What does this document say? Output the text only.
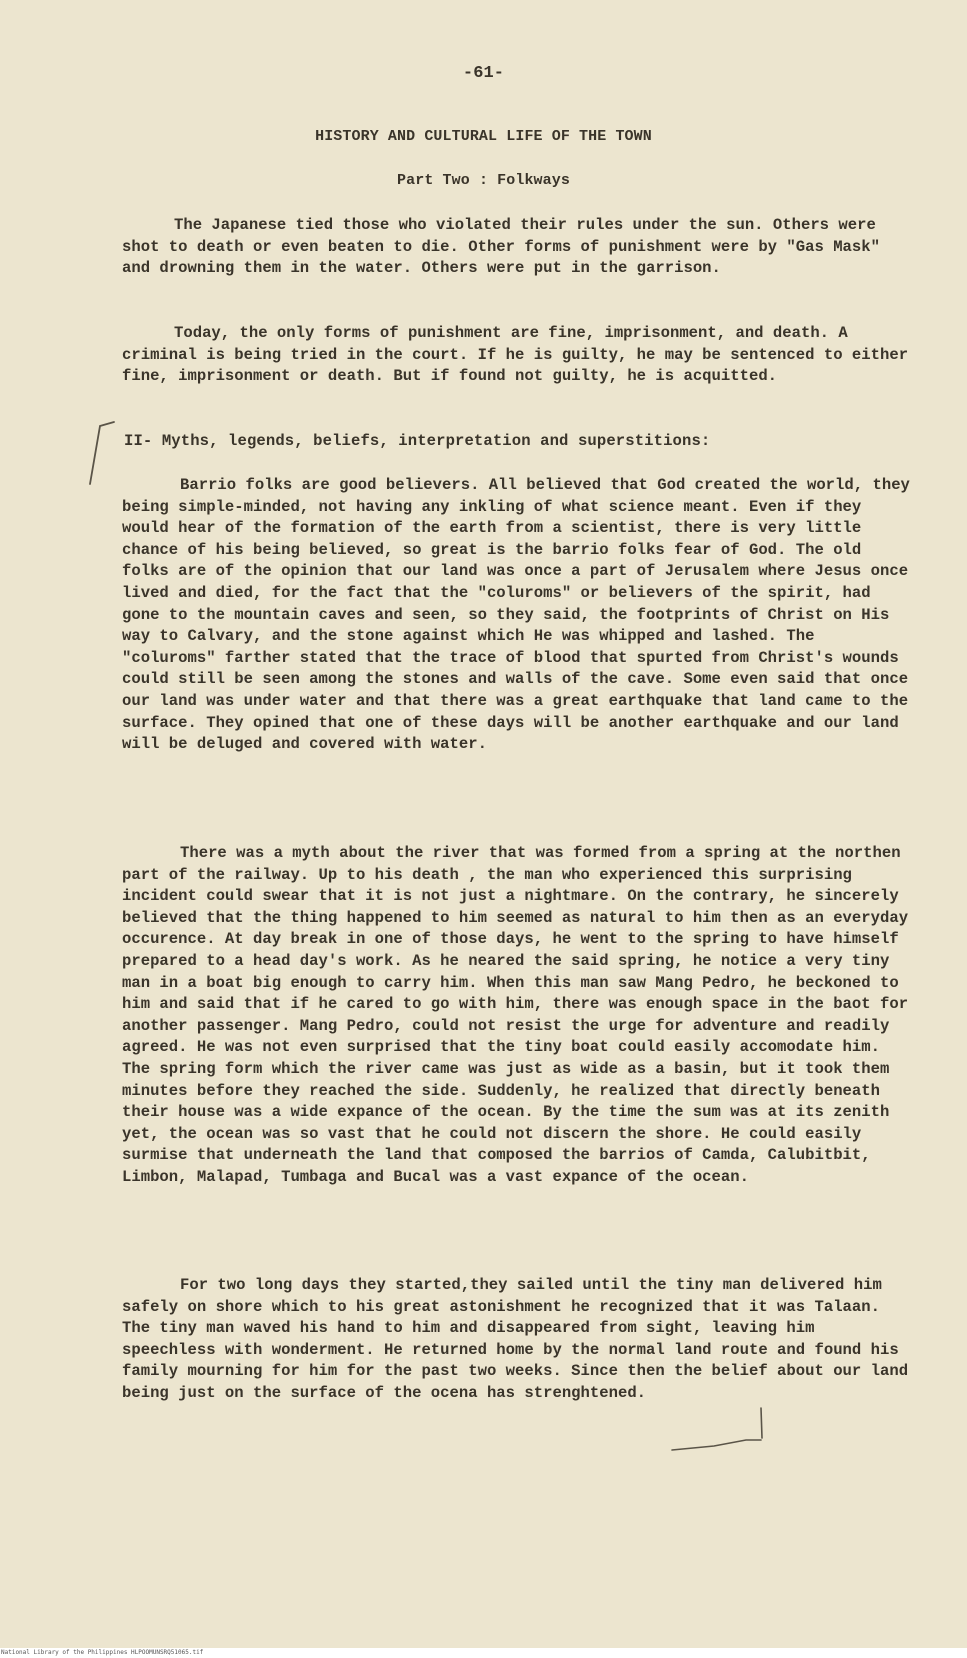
-61-
HISTORY AND CULTURAL LIFE OF THE TOWN
Part Two : Folkways

The Japanese tied those who violated their rules under the sun. Others were shot to death or even beaten to die. Other forms of punishment were by "Gas Mask" and drowning them in the water. Others were put in the garrison.

Today, the only forms of punishment are fine, imprisonment, and death. A criminal is being tried in the court. If he is guilty, he may be sentenced to either fine, imprisonment or death. But if found not guilty, he is acquitted.

II- Myths, legends, beliefs, interpretation and superstitions:

Barrio folks are good believers. All believed that God created the world, they being simple-minded, not having any inkling of what science meant. Even if they would hear of the formation of the earth from a scientist, there is very little chance of his being believed, so great is the barrio folks fear of God. The old folks are of the opinion that our land was once a part of Jerusalem where Jesus once lived and died, for the fact that the "coluroms" or believers of the spirit, had gone to the mountain caves and seen, so they said, the footprints of Christ on His way to Calvary, and the stone against which He was whipped and lashed. The "coluroms" farther stated that the trace of blood that spurted from Christ's wounds could still be seen among the stones and walls of the cave. Some even said that once our land was under water and that there was a great earthquake that land came to the surface. They opined that one of these days will be another earthquake and our land will be deluged and covered with water.

There was a myth about the river that was formed from a spring at the northen part of the railway. Up to his death , the man who experienced this surprising incident could swear that it is not just a nightmare. On the contrary, he sincerely believed that the thing happened to him seemed as natural to him then as an everyday occurence. At day break in one of those days, he went to the spring to have himself prepared to a head day's work. As he neared the said spring, he notice a very tiny man in a boat big enough to carry him. When this man saw Mang Pedro, he beckoned to him and said that if he cared to go with him, there was enough space in the baot for another passenger. Mang Pedro, could not resist the urge for adventure and readily agreed. He was not even surprised that the tiny boat could easily accomodate him. The spring form which the river came was just as wide as a basin, but it took them minutes before they reached the side. Suddenly, he realized that directly beneath their house was a wide expance of the ocean. By the time the sum was at its zenith yet, the ocean was so vast that he could not discern the shore. He could easily surmise that underneath the land that composed the barrios of Camda, Calubitbit, Limbon, Malapad, Tumbaga and Bucal was a vast expance of the ocean.

For two long days they started,they sailed until the tiny man delivered him safely on shore which to his great astonishment he recognized that it was Talaan. The tiny man waved his hand to him and disappeared from sight, leaving him speechless with wonderment. He returned home by the normal land route and found his family mourning for him for the past two weeks. Since then the belief about our land being just on the surface of the ocena has strenghtened.

National Library of the Philippines HLPOOMUNSRQ51065.tif
